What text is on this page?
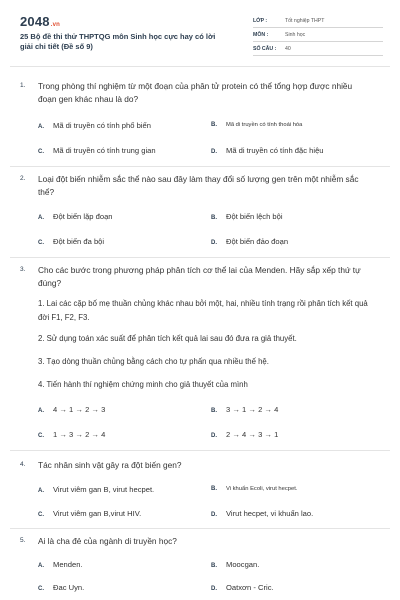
2048.vn
25 Bộ đề thi thử THPTQG môn Sinh học cực hay có lời giải chi tiết (Đề số 9)
LỚP :	Tốt nghiệp THPT
MÔN :	Sinh học
SỐ CÂU : 40
1. Trong phòng thí nghiệm từ một đoạn của phân tử protein có thể tổng hợp được nhiều đoạn gen khác nhau là do?
A. Mã di truyền có tính phổ biến	B. Mã di truyền có tính thoái hóa
C. Mã di truyền có tính trung gian	D. Mã di truyền có tính đặc hiệu
2. Loại đột biến nhiễm sắc thể nào sau đây làm thay đổi số lượng gen trên một nhiễm sắc thể?
A. Đột biến lặp đoạn	B. Đột biến lệch bội
C. Đột biến đa bội	D. Đột biến đảo đoạn
3. Cho các bước trong phương pháp phân tích cơ thể lai của Menden. Hãy sắp xếp thứ tự đúng?
1. Lai các cặp bố mẹ thuần chủng khác nhau bởi một, hai, nhiều tính trạng rồi phân tích kết quả đời F1, F2, F3.
2. Sử dụng toán xác suất để phân tích kết quả lai sau đó đưa ra giả thuyết.
3. Tạo dòng thuần chủng bằng cách cho tự phấn qua nhiều thế hệ.
4. Tiến hành thí nghiệm chứng minh cho giả thuyết của mình
A. 4 → 1 → 2 → 3	B. 3 → 1 → 2 → 4
C. 1 → 3 → 2 → 4	D. 2 → 4 → 3 → 1
4. Tác nhân sinh vật gây ra đột biến gen?
A. Virut viêm gan B, virut hecpet.	B. Vi khuẩn Ecoli, virut hecpet.
C. Virut viêm gan B,virut HIV.	D. Virut hecpet, vi khuẩn lao.
5. Ai là cha đẻ của ngành di truyền học?
A. Menden.	B. Moocgan.
C. Đac Uyn.	D. Oatxơn - Cric.
